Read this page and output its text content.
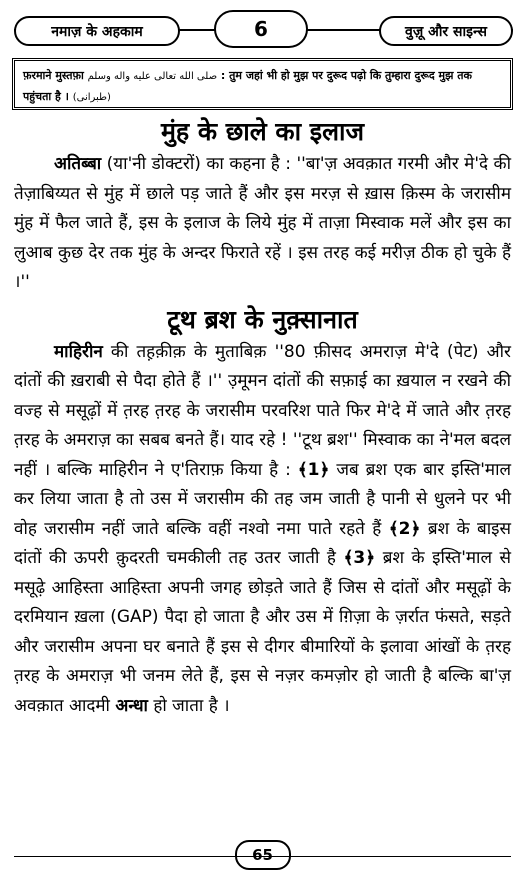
नमाज़ के अहकाम	6	वुज़ू और साइन्स
फ़रमाने मुस्तफ़ा صلى الله تعالى عليه واله وسلم : तुम जहां भी हो मुझ पर दुरूद पढ़ो कि तुम्हारा दुरूद मुझ तक पहुंचता है । (طبرانی)
मुंह के छाले का इलाज

अतिब्बा (या'नी डोक्टरों) का कहना है : ''बा'ज़ अवक़ात गरमी और मे'दे की तेज़ाबिय्यत से मुंह में छाले पड़ जाते हैं और इस मरज़ से ख़ास क़िस्म के जरासीम मुंह में फैल जाते हैं, इस के इलाज के लिये मुंह में ताज़ा मिस्वाक मलें और इस का लुआब कुछ देर तक मुंह के अन्दर फिराते रहें । इस तरह कई मरीज़ ठीक हो चुके हैं ।''

टूथ ब्रश के नुक़्सानात

माहिरीन की तह़क़ीक़ के मुताबिक़ ''80 फ़ीसद अमराज़ मे'दे (पेट) और दांतों की ख़राबी से पैदा होते हैं ।'' उ़मूमन दांतों की सफ़ाई का ख़याल न रखने की वज्ह से मसूढ़ों में त़रह त़रह के जरासीम परवरिश पाते फिर मे'दे में जाते और त़रह त़रह के अमराज़ का सबब बनते हैं। याद रहे ! ''टूथ ब्रश'' मिस्वाक का ने'मल बदल नहीं । बल्कि माहिरीन ने ए'तिराफ़ किया है : ﴾1﴿ जब ब्रश एक बार इस्ति'माल कर लिया जाता है तो उस में जरासीम की तह जम जाती है पानी से धुलने पर भी वोह जरासीम नहीं जाते बल्कि वहीं नश्वो नमा पाते रहते हैं ﴾2﴿ ब्रश के बाइस दांतों की ऊपरी क़ुदरती चमकीली तह उतर जाती है ﴾3﴿ ब्रश के इस्ति'माल से मसूढ़े आहिस्ता आहिस्ता अपनी जगह छोड़ते जाते हैं जिस से दांतों और मसूढ़ों के दरमियान ख़ला (GAP) पैदा हो जाता है और उस में ग़िज़ा के ज़र्रात फंसते, सड़ते और जरासीम अपना घर बनाते हैं इस से दीगर बीमारियों के इलावा आंखों के त़रह त़रह के अमराज़ भी जनम लेते हैं, इस से नज़र कमज़ोर हो जाती है बल्कि बा'ज़ अवक़ात आदमी अन्धा हो जाता है ।

65
